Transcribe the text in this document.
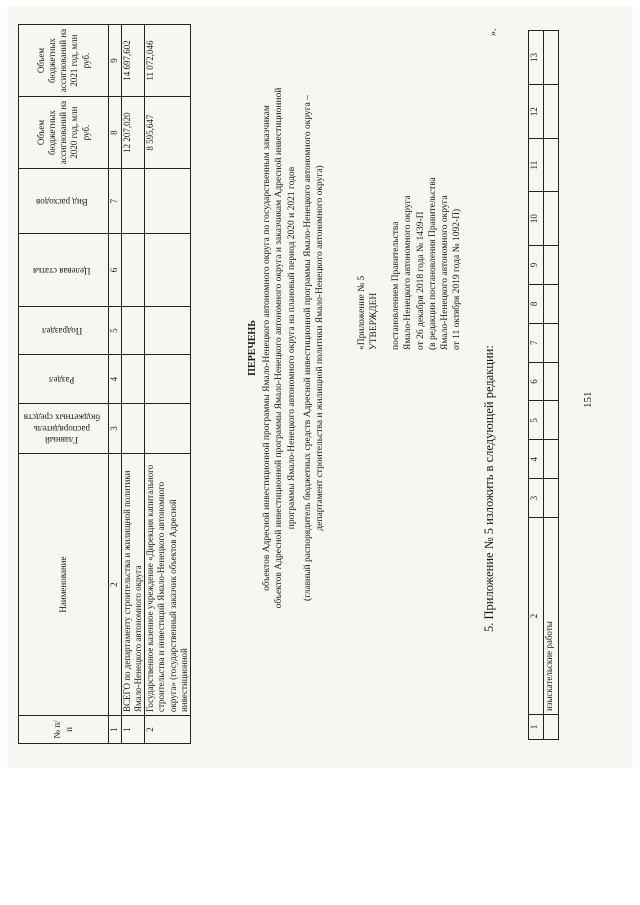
151
1	2	3	4	5	6	7	8	9	10	11	12	13
	изыскательские работы											
».
5. Приложение № 5 изложить в следующей редакции:
«Приложение № 5 УТВЕРЖДЕН постановлением Правительства Ямало-Ненецкого автономного округа от 26 декабря 2018 года № 1439-П (в редакции постановления Правительства Ямало-Ненецкого автономного округа от 11 октября 2019 года № 1092-П)
ПЕРЕЧЕНЬ объектов Адресной инвестиционной программы Ямало-Ненецкого автономного округа по государственным заказчикам объектов Адресной инвестиционной программы Ямало-Ненецкого автономного округа и заказчикам Адресной инвестиционной программы Ямало-Ненецкого автономного округа на плановый период 2020 и 2021 годов (главный распорядитель бюджетных средств Адресной инвестиционной программы Ямало-Ненецкого автономного округа – департамент строительства и жилищной политики Ямало-Ненецкого автономного округа)
№ п/п	Наименование	Главный распорядитель бюджетных средств	Раздел	Подраздел	Целевая статья	Вид расходов	Объем бюджетных ассигнований на 2020 год, млн руб.	Объем бюджетных ассигнований на 2021 год, млн руб.
1	2	3	4	5	6	7	8	9
1	ВСЕГО по департаменту строительства и жилищной политики Ямало-Ненецкого автономного округа						12 207,020	14 697,602
2	Государственное казенное учреждение «Дирекция капитального строительства и инвестиций Ямало-Ненецкого автономного округа» (государственный заказчик объектов Адресной инвестиционной						8 595,647	11 072,046
